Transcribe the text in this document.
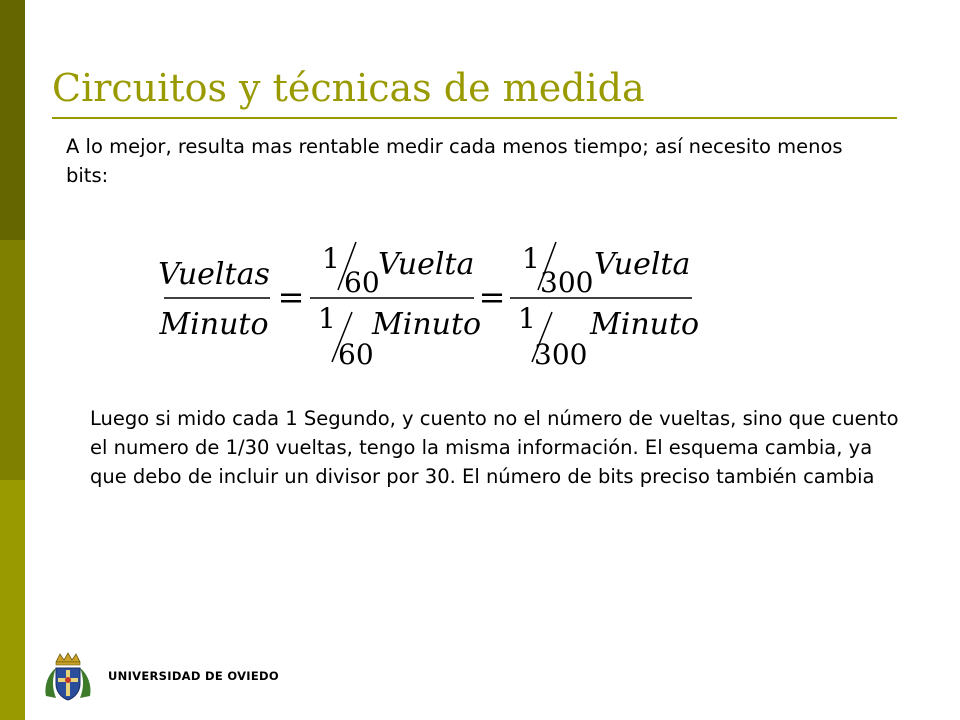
Circuitos y técnicas de medida
A lo mejor, resulta mas rentable medir cada menos tiempo; así necesito menos bits:
Vueltas
Minuto
=
1
60
Vuelta
1
60
Minuto
=
1
300
Vuelta
1
300
Minuto
Luego si mido cada 1 Segundo, y cuento no el número de vueltas, sino que cuento el numero de 1/30 vueltas, tengo la misma información. El esquema cambia, ya que debo de incluir un divisor por 30. El número de bits preciso también cambia
UNIVERSIDAD DE OVIEDO
